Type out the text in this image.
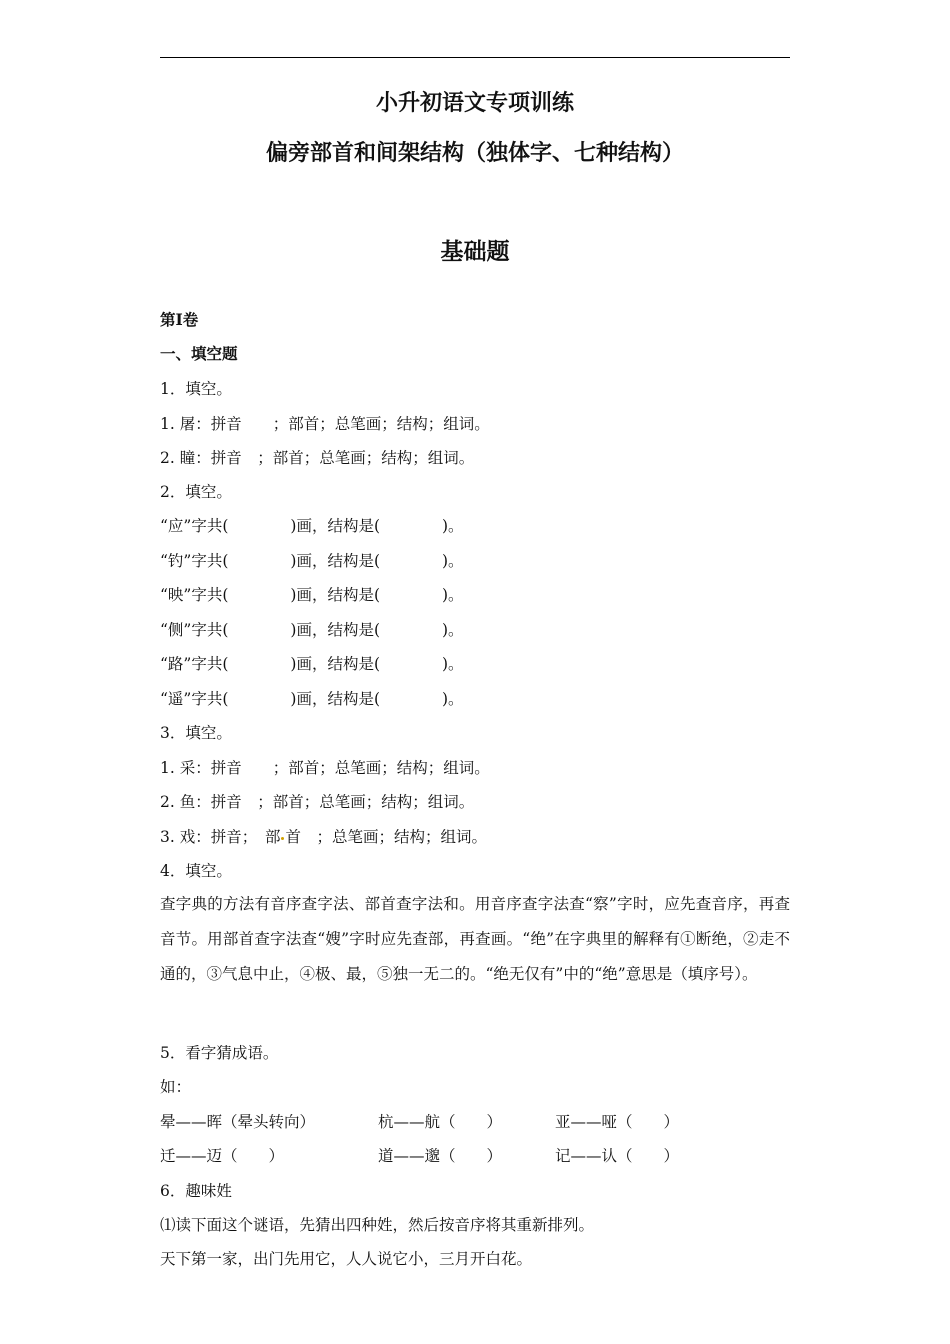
小升初语文专项训练
偏旁部首和间架结构（独体字、七种结构）
基础题
第I卷
一、填空题
1．填空。
1. 屠：拼音　　；部首；总笔画；结构；组词。
2. 瞳：拼音　；部首；总笔画；结构；组词。
2．填空。
“应”字共(　　　　)画，结构是(　　　　)。
“钓”字共(　　　　)画，结构是(　　　　)。
“映”字共(　　　　)画，结构是(　　　　)。
“侧”字共(　　　　)画，结构是(　　　　)。
“路”字共(　　　　)画，结构是(　　　　)。
“遥”字共(　　　　)画，结构是(　　　　)。
3．填空。
1. 采：拼音　　；部首；总笔画；结构；组词。
2. 鱼：拼音　；部首；总笔画；结构；组词。
3. 戏：拼音；　部 首　；总笔画；结构；组词。
4．填空。
查字典的方法有音序查字法、部首查字法和。用音序查字法查“察”字时，应先查音序，再查音节。用部首查字法查“嫂”字时应先查部，再查画。“绝”在字典里的解释有①断绝，②走不通的，③气息中止，④极、最，⑤独一无二的。“绝无仅有”中的“绝”意思是（填序号）。
5．看字猜成语。
如：
晕——晖（晕头转向）	杭——航（　　）	亚——哑（　　）
迁——迈（　　）	道——邈（　　）	记——认（　　）
6．趣味姓
⑴读下面这个谜语，先猜出四种姓，然后按音序将其重新排列。
天下第一家，出门先用它，人人说它小，三月开白花。
